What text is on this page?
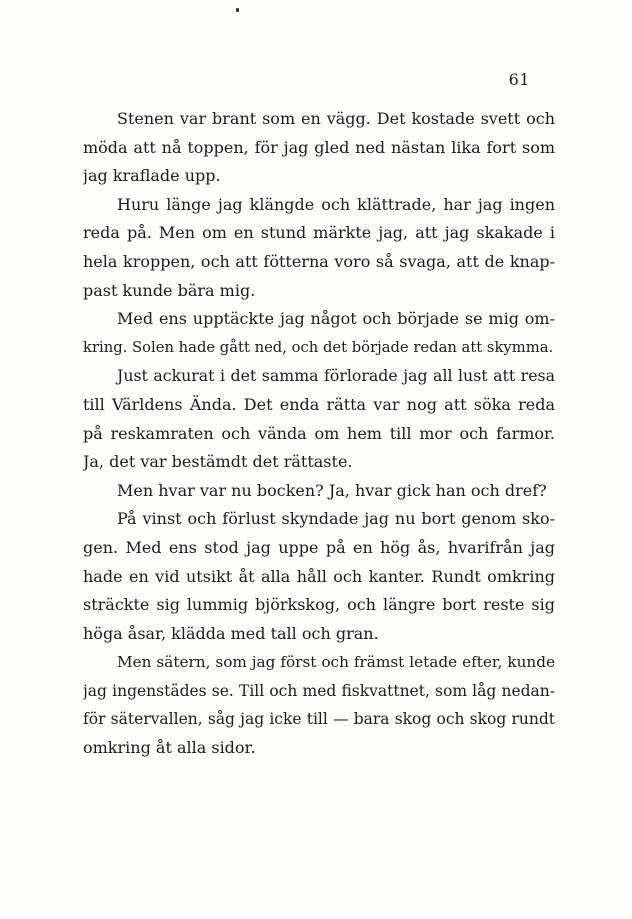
61

Stenen var brant som en vägg. Det kostade svett och

möda att nå toppen, för jag gled ned nästan lika fort som

jag kraflade upp.

Huru länge jag klängde och klättrade, har jag ingen

reda på. Men om en stund märkte jag, att jag skakade i

hela kroppen, och att fötterna voro så svaga, att de knap-

past kunde bära mig.

Med ens upptäckte jag något och började se mig om-

kring. Solen hade gått ned, och det började redan att skymma.

Just ackurat i det samma förlorade jag all lust att resa

till Världens Ända. Det enda rätta var nog att söka reda

på reskamraten och vända om hem till mor och farmor.

Ja, det var bestämdt det rättaste.

Men hvar var nu bocken? Ja, hvar gick han och dref?

På vinst och förlust skyndade jag nu bort genom sko-

gen. Med ens stod jag uppe på en hög ås, hvarifrån jag

hade en vid utsikt åt alla håll och kanter. Rundt omkring

sträckte sig lummig björkskog, och längre bort reste sig

höga åsar, klädda med tall och gran.

Men sätern, som jag först och främst letade efter, kunde

jag ingenstädes se. Till och med fiskvattnet, som låg nedan-

för sätervallen, såg jag icke till — bara skog och skog rundt

omkring åt alla sidor.
